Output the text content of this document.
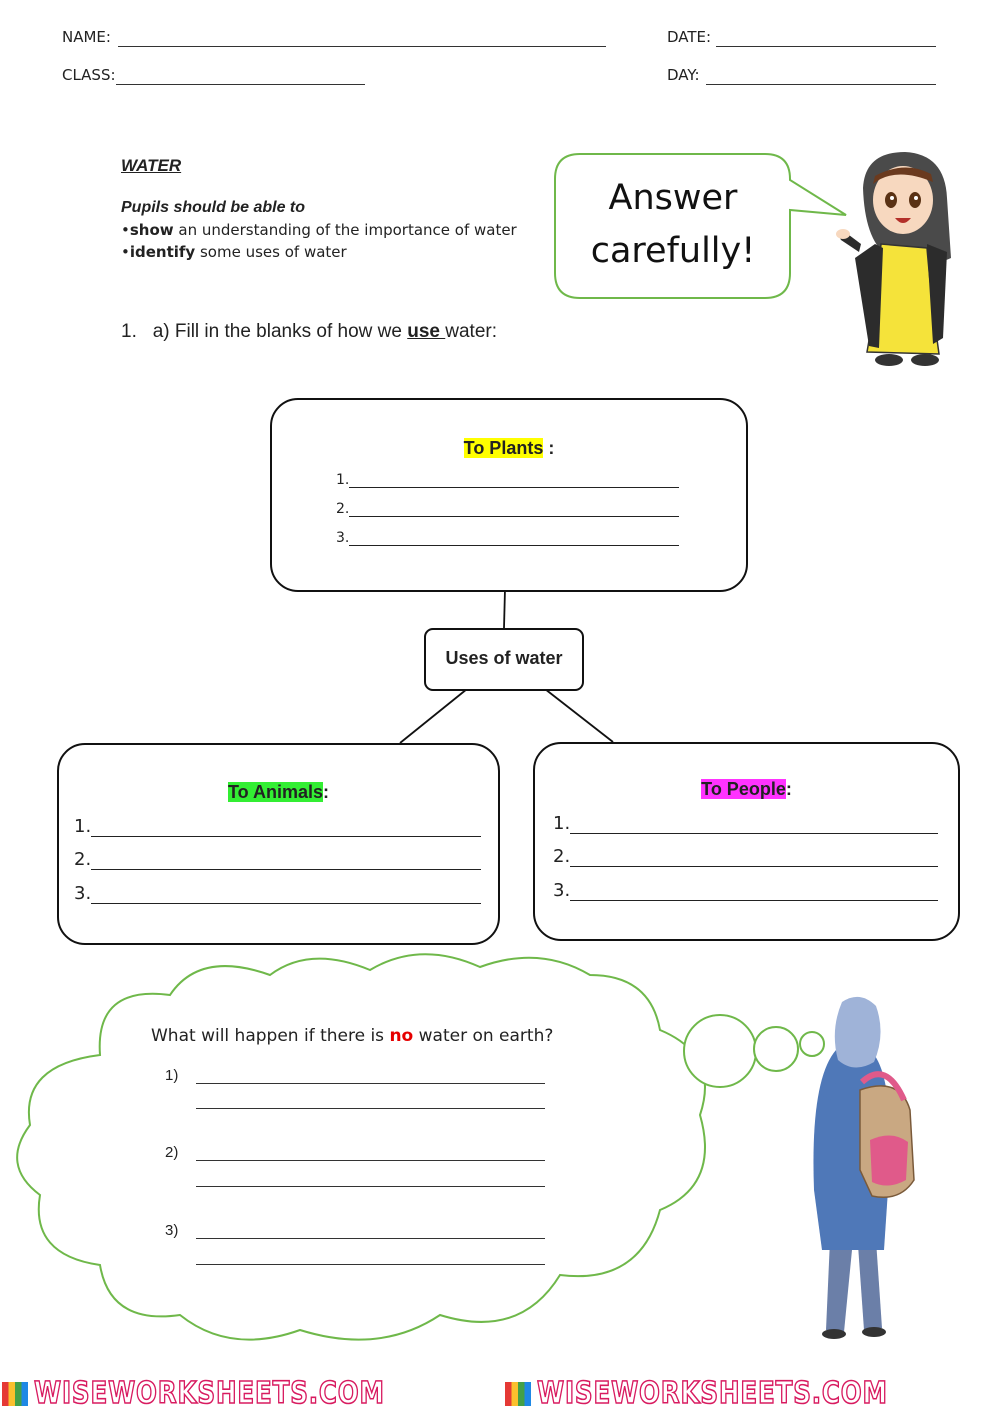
NAME:	DATE:
CLASS:	DAY:
WATER
Pupils should be able to
•show an understanding of the importance of water
•identify some uses of water
Answer
carefully!
1. a) Fill in the blanks of how we use water:
To Plants :
1.
2.
3.
Uses of water
To Animals:
1.
2.
3.
To People:
1.
2.
3.
What will happen if there is no water on earth?
1)
2)
3)
WISEWORKSHEETS.COM	WISEWORKSHEETS.COM
